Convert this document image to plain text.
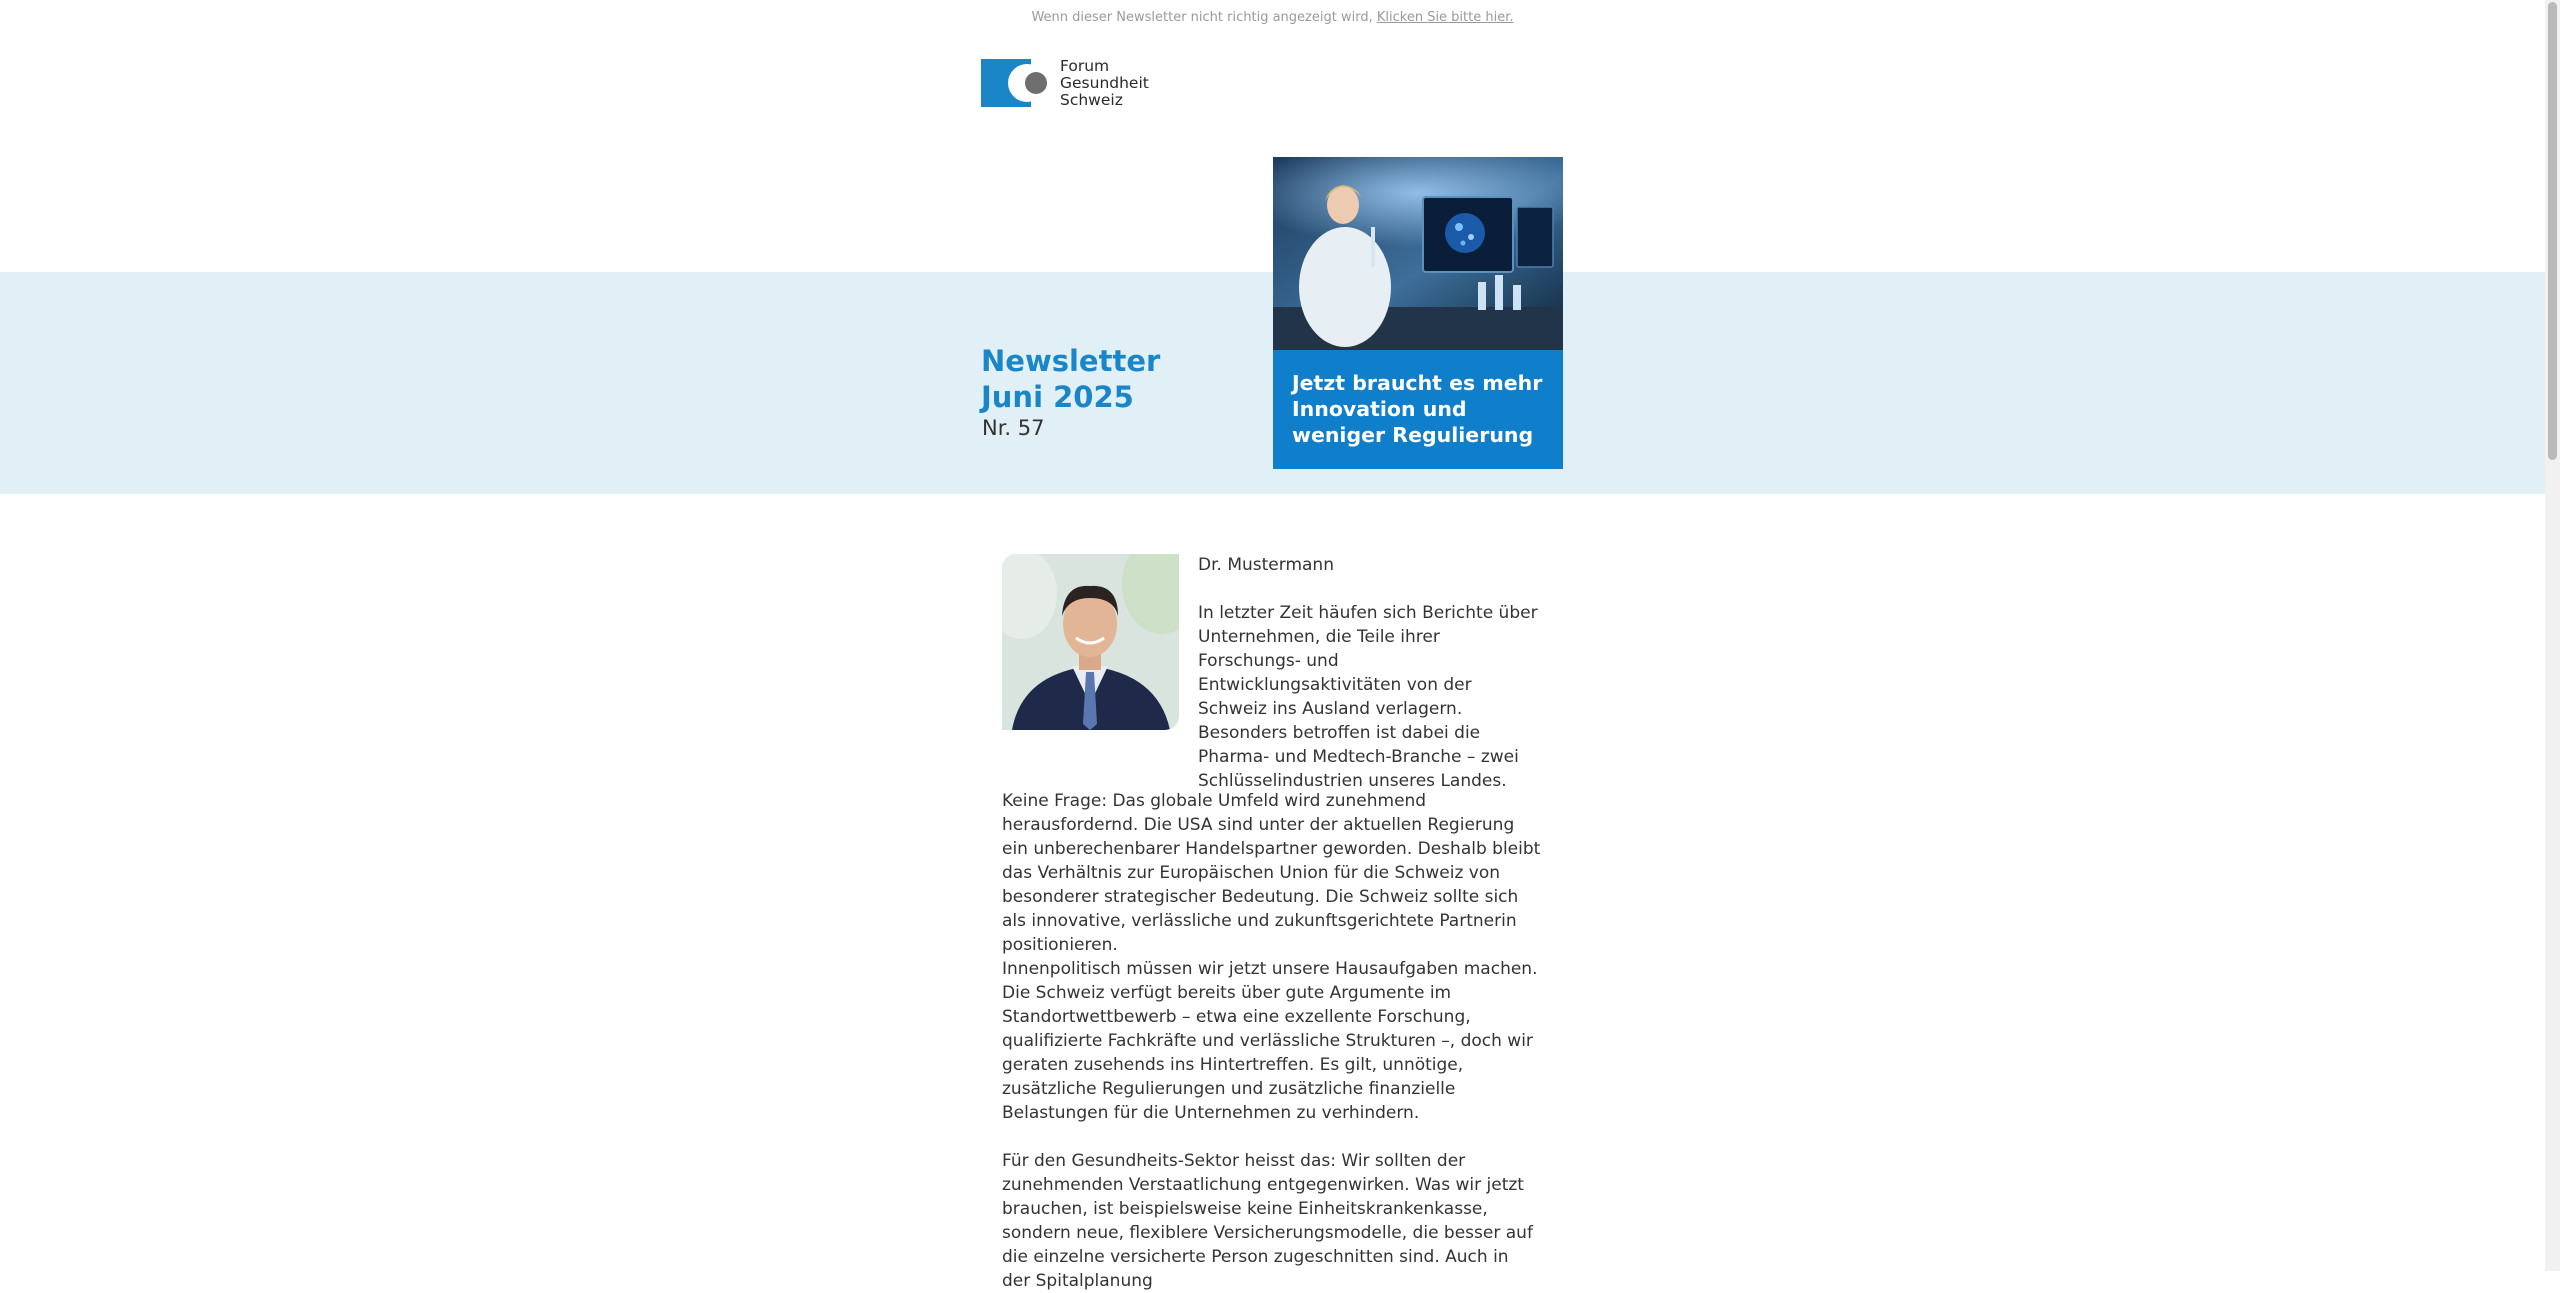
Wenn dieser Newsletter nicht richtig angezeigt wird, Klicken Sie bitte hier.
Forum
Gesundheit
Schweiz
Newsletter
Juni 2025
Nr. 57
Jetzt braucht es mehr Innovation und weniger Regulierung
Dr. Mustermann

In letzter Zeit häufen sich Berichte über Unternehmen, die Teile ihrer Forschungs- und Entwicklungsaktivitäten von der Schweiz ins Ausland verlagern. Besonders betroffen ist dabei die Pharma- und Medtech-Branche – zwei Schlüsselindustrien unseres Landes.

Keine Frage: Das globale Umfeld wird zunehmend herausfordernd. Die USA sind unter der aktuellen Regierung ein unberechenbarer Handelspartner geworden. Deshalb bleibt das Verhältnis zur Europäischen Union für die Schweiz von besonderer strategischer Bedeutung. Die Schweiz sollte sich als innovative, verlässliche und zukunftsgerichtete Partnerin positionieren.

Innenpolitisch müssen wir jetzt unsere Hausaufgaben machen. Die Schweiz verfügt bereits über gute Argumente im Standortwettbewerb – etwa eine exzellente Forschung, qualifizierte Fachkräfte und verlässliche Strukturen –, doch wir geraten zusehends ins Hintertreffen. Es gilt, unnötige, zusätzliche Regulierungen und zusätzliche finanzielle Belastungen für die Unternehmen zu verhindern.

Für den Gesundheits-Sektor heisst das: Wir sollten der zunehmenden Verstaatlichung entgegenwirken. Was wir jetzt brauchen, ist beispielsweise keine Einheitskrankenkasse, sondern neue, flexiblere Versicherungsmodelle, die besser auf die einzelne versicherte Person zugeschnitten sind. Auch in der Spitalplanung
